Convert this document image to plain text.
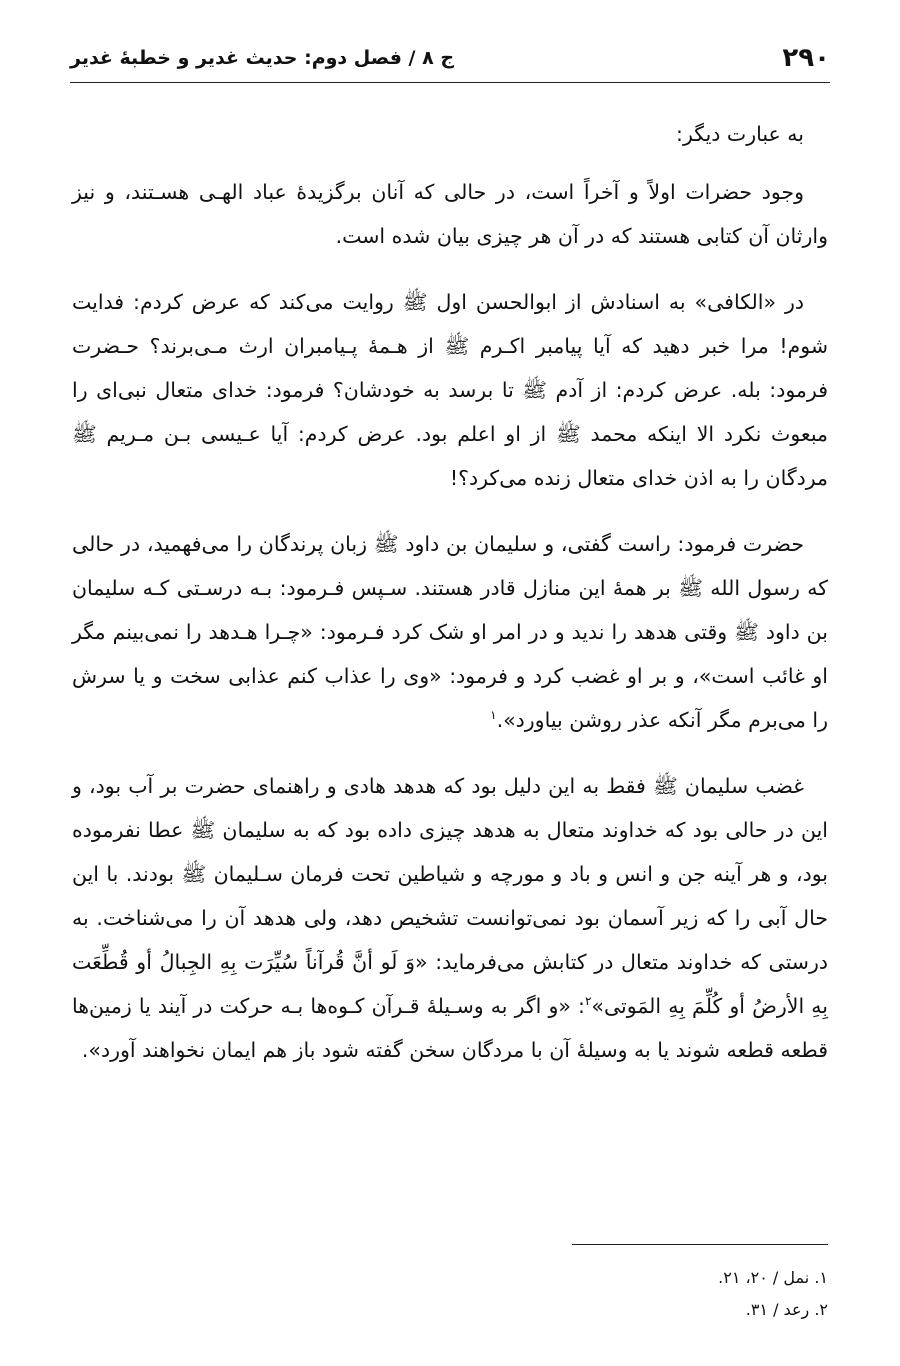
۲۹۰
ج ۸ / فصل دوم: حدیث غدیر و خطبهٔ غدیر

به عبارت دیگر:

وجود حضرات اولاً و آخراً است، در حالی که آنان برگزیدهٔ عباد الهـی هسـتند، و نیز وارثان آن کتابی هستند که در آن هر چیزی بیان شده است.

در «الکافی» به اسنادش از ابوالحسن اول ﷺ روایت می‌کند که عرض کردم: فدایت شوم! مرا خبر دهید که آیا پیامبر اکـرم ﷺ از هـمهٔ پـیامبران ارث مـی‌برند؟ حـضرت فرمود: بله. عرض کردم: از آدم ﷺ تا برسد به خودشان؟ فرمود: خدای متعال نبی‌ای را مبعوث نکرد الا اینکه محمد ﷺ از او اعلم بود. عرض کردم: آیا عـیسی بـن مـریم ﷺ مردگان را به اذن خدای متعال زنده می‌کرد؟!

حضرت فرمود: راست گفتی، و سلیمان بن داود ﷺ زبان پرندگان را می‌فهمید، در حالی که رسول الله ﷺ بر همهٔ این منازل قادر هستند. سـپس فـرمود: بـه درسـتی کـه سلیمان بن داود ﷺ وقتی هدهد را ندید و در امر او شک کرد فـرمود: «چـرا هـدهد را نمی‌بینم مگر او غائب است»، و بر او غضب کرد و فرمود: «وی را عذاب کنم عذابی سخت و یا سرش را می‌برم مگر آنکه عذر روشن بیاورد».$^۱$

غضب سلیمان ﷺ فقط به این دلیل بود که هدهد هادی و راهنمای حضرت بر آب بود، و این در حالی بود که خداوند متعال به هدهد چیزی داده بود که به سلیمان ﷺ عطا نفرموده بود، و هر آینه جن و انس و باد و مورچه و شیاطین تحت فرمان سـلیمان ﷺ بودند. با این حال آبی را که زیر آسمان بود نمی‌توانست تشخیص دهد، ولی هدهد آن را می‌شناخت. به درستی که خداوند متعال در کتابش می‌فرماید: «وَ لَو أنَّ قُرآناً سُیِّرَت بِهِ الجِبالُ أو قُطِّعَت بِهِ الأرضُ أو كُلِّمَ بِهِ المَوتی»$^۲$: «و اگر به وسـیلهٔ قـرآن کـوه‌ها بـه حرکت در آیند یا زمین‌ها قطعه قطعه شوند یا به وسیلهٔ آن با مردگان سخن گفته شود باز هم ایمان نخواهند آورد».

۱. نمل / ۲۰، ۲۱.

۲. رعد / ۳۱.
